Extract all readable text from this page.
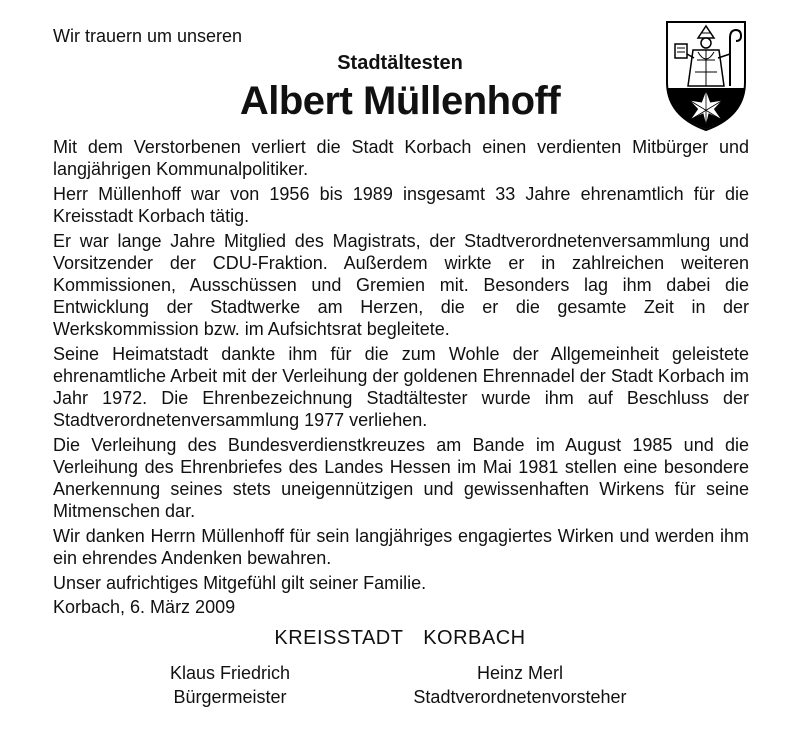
Wir trauern um unseren
Stadtältesten
Albert Müllenhoff

Mit dem Verstorbenen verliert die Stadt Korbach einen verdienten Mitbürger und langjährigen Kommunalpolitiker.

Herr Müllenhoff war von 1956 bis 1989 insgesamt 33 Jahre ehrenamtlich für die Kreisstadt Korbach tätig.

Er war lange Jahre Mitglied des Magistrats, der Stadtverordnetenversammlung und Vorsitzender der CDU-Fraktion. Außerdem wirkte er in zahlreichen weiteren Kommissionen, Ausschüssen und Gremien mit. Besonders lag ihm dabei die Entwicklung der Stadtwerke am Herzen, die er die gesamte Zeit in der Werkskommission bzw. im Aufsichtsrat begleitete.

Seine Heimatstadt dankte ihm für die zum Wohle der Allgemeinheit geleistete ehrenamtliche Arbeit mit der Verleihung der goldenen Ehrennadel der Stadt Korbach im Jahr 1972. Die Ehrenbezeichnung Stadtältester wurde ihm auf Beschluss der Stadtverordnetenversammlung 1977 verliehen.

Die Verleihung des Bundesverdienstkreuzes am Bande im August 1985 und die Verleihung des Ehrenbriefes des Landes Hessen im Mai 1981 stellen eine besondere Anerkennung seines stets uneigennützigen und gewissenhaften Wirkens für seine Mitmenschen dar.

Wir danken Herrn Müllenhoff für sein langjähriges engagiertes Wirken und werden ihm ein ehrendes Andenken bewahren.

Unser aufrichtiges Mitgefühl gilt seiner Familie.

Korbach, 6. März 2009
KREISSTADT  KORBACH
Klaus Friedrich
Bürgermeister
Heinz Merl
Stadtverordnetenvorsteher
